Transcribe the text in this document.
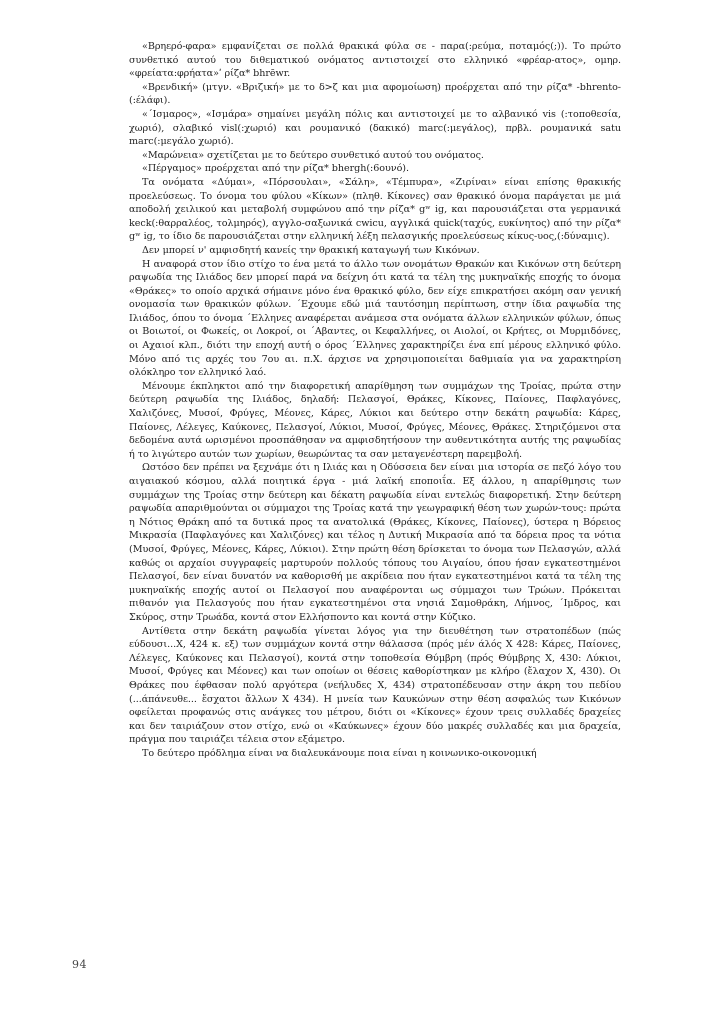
«Βρηερό-φαρα» εμφανίζεται σε πολλά θρακικά φύλα σε - παρα(:ρεύμα, ποταμός(;)). Το πρώτο συνθετικό αυτού του διθεματικού ονόματος αντιστοιχεί στο ελληνικό «φρέαρ-ατος», ομηρ. «φρείατα:φρήατα»ʹ ρίζα* bhrēwr.

«Βρενδική» (μτγν. «Βριζική» με το δ>ζ και μια αφομοίωση) προέρχεται από την ρίζα* -bhrento- (:έλάφι).

«΄Ισμαρος», «Ισμάρα» σημαίνει μεγάλη πόλις και αντιστοιχεί με το αλβανικό vis (:τοποθεσία, χωριό), σλαβικό visl(:χωριό) και ρουμανικό (δακικό) marc(:μεγάλος), πρβλ. ρουμανικά satu marc(:μεγάλο χωριό).

«Μαρώνεια» σχετίζεται με το δεύτερο συνθετικό αυτού του ονόματος.

«Πέργαμος» προέρχεται από την ρίζα* bhergh(:6ουνό).

Τα ονόματα «Δύμαι», «Πόρσουλαι», «Σάλη», «Τέμπυρα», «Ζιρίναι» είναι επίσης θρακικής προελεύσεως. Το όνομα του φύλου «Κίκων» (πληθ. Κίκονες) σαν θρακικό όνομα παράγεται με μιά αποδολή χειλικού και μεταβολή συμφώνου από την ρίζα* gʷ ig, και παρουσιάζεται στα γερμανικά keck(:θαρραλέος, τολμηρός), αγγλο-σαξωνικά cwicu, αγγλικά quick(ταχύς, ευκίνητος) από την ρίζα* gʷ ig, το ίδιο δε παρουσιάζεται στην ελληνική λέξη πελασγικής προελεύσεως κίκυς-υος,(:δύναμις).

Δεν μπορεί ν' αμφισδητή κανείς την θρακική καταγωγή των Κικόνων.

Η αναφορά στον ίδιο στίχο το ένα μετά το άλλο των ονομάτων Θρακών και Κικόνων στη δεύτερη ραψωδία της Ιλιάδος δεν μπορεί παρά να δείχνη ότι κατά τα τέλη της μυκηναϊκής εποχής το όνομα «Θράκες» το οποίο αρχικά σήμαινε μόνο ένα θρακικό φύλο, δεν είχε επικρατήσει ακόμη σαν γενική ονομασία των θρακικών φύλων. ΄Εχουμε εδώ μιά ταυτόσημη περίπτωση, στην ίδια ραψωδία της Ιλιάδος, όπου το όνομα ΄Ελληνες αναφέρεται ανάμεσα στα ονόματα άλλων ελληνικών φύλων, όπως οι Βοιωτοί, οι Φωκείς, οι Λοκροί, οι ΄Αβαντες, οι Κεφαλλήνες, οι Αιολοί, οι Κρήτες, οι Μυρμιδόνες, οι Αχαιοί κλπ., διότι την εποχή αυτή ο όρος ΄Ελληνες χαρακτηρίζει ένα επί μέρους ελληνικό φύλο. Μόνο από τις αρχές του 7ου αι. π.Χ. άρχισε να χρησιμοποιείται δαθμιαία για να χαρακτηρίση ολόκληρο τον ελληνικό λαό.

Μένουμε έκπληκτοι από την διαφορετική απαρίθμηση των συμμάχων της Τροίας, πρώτα στην δεύτερη ραψωδία της Ιλιάδος, δηλαδή: Πελασγοί, Θράκες, Κίκονες, Παίονες, Παφλαγόνες, Χαλιζόνες, Μυσοί, Φρύγες, Μέονες, Κάρες, Λύκιοι και δεύτερο στην δεκάτη ραψωδία: Κάρες, Παίονες, Λέλεγες, Καύκονες, Πελασγοί, Λύκιοι, Μυσοί, Φρύγες, Μέονες, Θράκες. Στηριζόμενοι στα δεδομένα αυτά ωρισμένοι προσπάθησαν να αμφισδητήσουν την αυθεντικότητα αυτής της ραψωδίας ή το λιγώτερο αυτών των χωρίων, θεωρώντας τα σαν μεταγενέστερη παρεμβολή.

Ωστόσο δεν πρέπει να ξεχνάμε ότι η Ιλιάς και η Οδύσσεια δεν είναι μια ιστορία σε πεζό λόγο του αιγαιακού κόσμου, αλλά ποιητικά έργα - μιά λαϊκή εποποιΐα. Εξ άλλου, η απαρίθμησις των συμμάχων της Τροίας στην δεύτερη και δέκατη ραψωδία είναι εντελώς διαφορετική. Στην δεύτερη ραψωδία απαριθμούνται οι σύμμαχοι της Τροίας κατά την γεωγραφική θέση των χωρών-τους: πρώτα η Νότιος Θράκη από τα δυτικά προς τα ανατολικά (Θράκες, Κίκονες, Παίονες), ύστερα η Βόρειος Μικρασία (Παφλαγόνες και Χαλιζόνες) και τέλος η Δυτική Μικρασία από τα δόρεια προς τα νότια (Μυσοί, Φρύγες, Μέονες, Κάρες, Λύκιοι). Στην πρώτη θέση δρίσκεται το όνομα των Πελασγών, αλλά καθώς οι αρχαίοι συγγραφείς μαρτυρούν πολλούς τόπους του Αιγαίου, όπου ήσαν εγκατεστημένοι Πελασγοί, δεν είναι δυνατόν να καθορισθή με ακρίδεια που ήταν εγκατεστημένοι κατά τα τέλη της μυκηναϊκής εποχής αυτοί οι Πελασγοί που αναφέρονται ως σύμμαχοι των Τρώων. Πρόκειται πιθανόν για Πελασγούς που ήταν εγκατεστημένοι στα νησιά Σαμοθράκη, Λήμνος, ΄Ιμδρος, και Σκύρος, στην Τρωάδα, κοντά στον Ελλήσποντο και κοντά στην Κύζικο.

Αντίθετα στην δεκάτη ραψωδία γίνεται λόγος για την διευθέτηση των στρατοπέδων (πώς εύδουσι...Χ, 424 κ. εξ) των συμμάχων κοντά στην θάλασσα (πρός μέν άλός Χ 428: Κάρες, Παίονες, Λέλεγες, Καύκονες και Πελασγοί), κοντά στην τοποθεσία Θύμβρη (πρός Θύμβρης Χ, 430: Λύκιοι, Μυσοί, Φρύγες και Μέονες) και των οποίων οι θέσεις καθορίστηκαν με κλήρο (ἔλαχον Χ, 430). Οι Θράκες που έφθασαν πολύ αργότερα (νεήλυδες Χ, 434) στρατοπέδευσαν στην άκρη του πεδίου (...άπάνευθε... ἔσχατοι ἄλλων Χ 434). Η μνεία των Καυκώνων στην θέση ασφαλώς των Κικόνων οφείλεται προφανώς στις ανάγκες του μέτρου, διότι οι «Κίκονες» έχουν τρεις συλλαδές δραχείες και δεν ταιριάζουν στον στίχο, ενώ οι «Καύκωνες» έχουν δύο μακρές συλλαδές και μια δραχεία, πράγμα που ταιριάζει τέλεια στον εξάμετρο.

Το δεύτερο πρόδλημα είναι να διαλευκάνουμε ποια είναι η κοινωνικο-οικονομική

94
